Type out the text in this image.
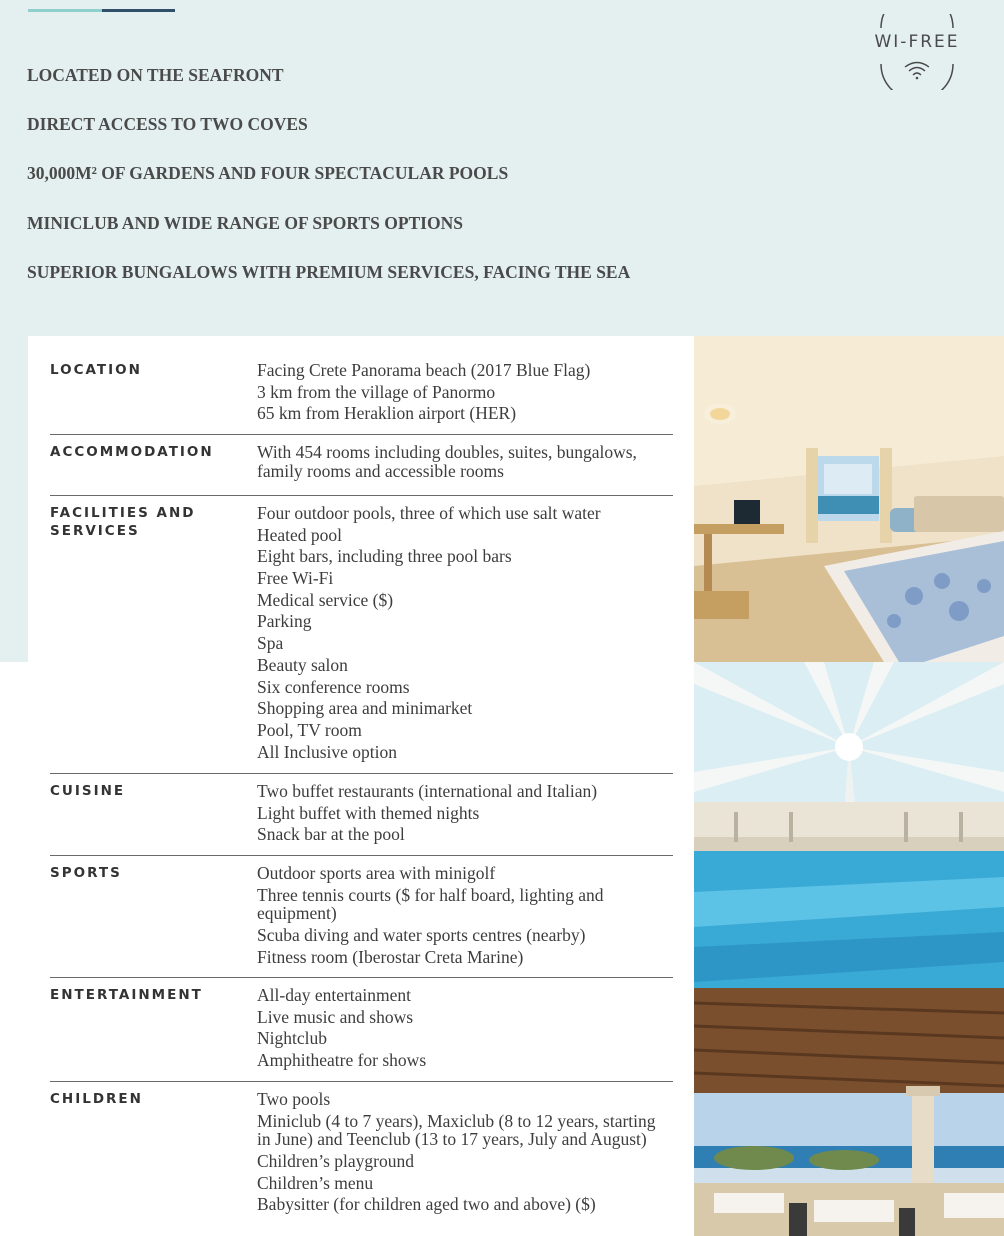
WI-FREE
LOCATED ON THE SEAFRONT
DIRECT ACCESS TO TWO COVES
30,000M² OF GARDENS AND FOUR SPECTACULAR POOLS
MINICLUB AND WIDE RANGE OF SPORTS OPTIONS
SUPERIOR BUNGALOWS WITH PREMIUM SERVICES, FACING THE SEA
LOCATION	Facing Crete Panorama beach (2017 Blue Flag)
3 km from the village of Panormo
65 km from Heraklion airport (HER)
ACCOMMODATION	With 454 rooms including doubles, suites, bungalows, family rooms and accessible rooms
FACILITIES AND SERVICES
Four outdoor pools, three of which use salt water
Heated pool
Eight bars, including three pool bars
Free Wi-Fi
Medical service ($)
Parking
Spa
Beauty salon
Six conference rooms
Shopping area and minimarket
Pool, TV room
All Inclusive option
CUISINE	Two buffet restaurants (international and Italian)
Light buffet with themed nights
Snack bar at the pool
SPORTS	Outdoor sports area with minigolf
Three tennis courts ($ for half board, lighting and equipment)
Scuba diving and water sports centres (nearby)
Fitness room (Iberostar Creta Marine)
ENTERTAINMENT	All-day entertainment
Live music and shows
Nightclub
Amphitheatre for shows
CHILDREN	Two pools
Miniclub (4 to 7 years), Maxiclub (8 to 12 years, starting in June) and Teenclub (13 to 17 years, July and August)
Children’s playground
Children’s menu
Babysitter (for children aged two and above) ($)
